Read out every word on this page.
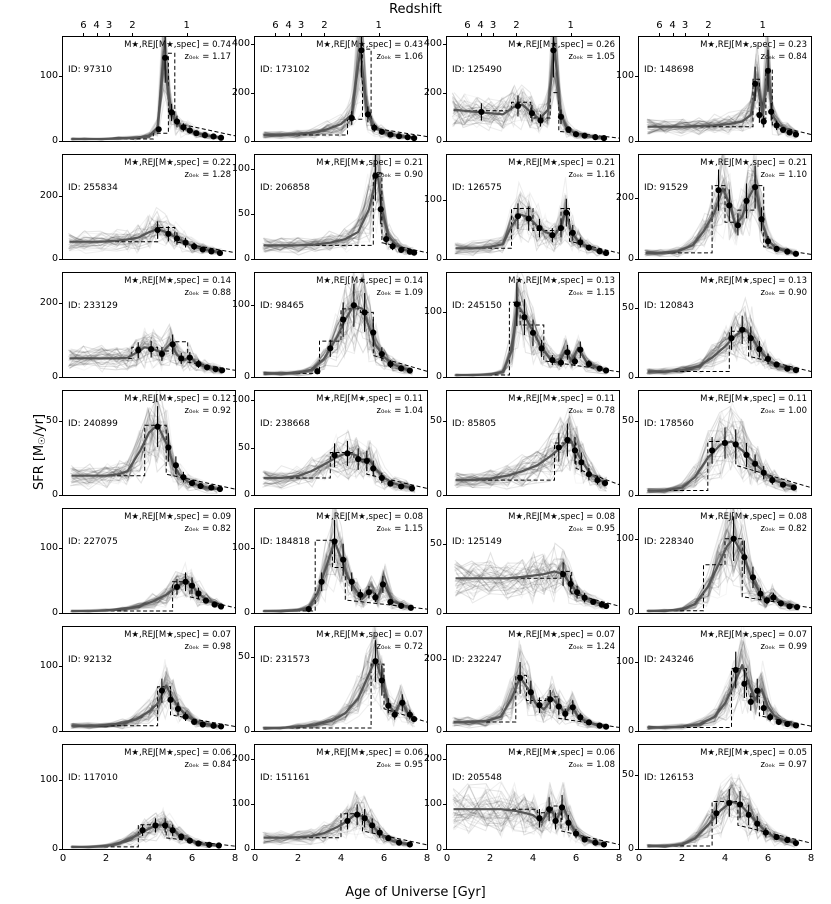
Redshift
Age of Universe [Gyr]
SFR $[M_☉/yr]$
M★,REJ[M★,spec] = 0.74
z₀ₑₖ = 1.17
ID: 97310
0
100
6 4 3	2	1
M★,REJ[M★,spec] = 0.43
z₀ₑₖ = 1.06
ID: 173102
0
200
400
6 4 3	2	1
M★,REJ[M★,spec] = 0.26
z₀ₑₖ = 1.05
ID: 125490
0
200
400
6 4 3	2	1
M★,REJ[M★,spec] = 0.23
z₀ₑₖ = 0.84
ID: 148698
0
100
6 4 3	2	1
M★,REJ[M★,spec] = 0.22
z₀ₑₖ = 1.28
ID: 255834
0
200
M★,REJ[M★,spec] = 0.21
z₀ₑₖ = 0.90
ID: 206858
0
50
100	M★,REJ[M★,spec] = 0.21
z₀ₑₖ = 1.16
ID: 126575
0
100
M★,REJ[M★,spec] = 0.21
z₀ₑₖ = 1.10
ID: 91529
0
200
M★,REJ[M★,spec] = 0.14
z₀ₑₖ = 0.88
ID: 233129
0
200
M★,REJ[M★,spec] = 0.14
z₀ₑₖ = 1.09
ID: 98465
0
100
M★,REJ[M★,spec] = 0.13
z₀ₑₖ = 1.15
ID: 245150
0
100
M★,REJ[M★,spec] = 0.13
z₀ₑₖ = 0.90
ID: 120843
0
50
M★,REJ[M★,spec] = 0.12
z₀ₑₖ = 0.92
ID: 240899
0
50
M★,REJ[M★,spec] = 0.11
z₀ₑₖ = 1.04
ID: 238668
0
50
100	M★,REJ[M★,spec] = 0.11
z₀ₑₖ = 0.78
ID: 85805
0
50
M★,REJ[M★,spec] = 0.11
z₀ₑₖ = 1.00
ID: 178560
0
50
M★,REJ[M★,spec] = 0.09
z₀ₑₖ = 0.82
ID: 227075
0
100
M★,REJ[M★,spec] = 0.08
z₀ₑₖ = 1.15
ID: 184818
0
100
M★,REJ[M★,spec] = 0.08
z₀ₑₖ = 0.95
ID: 125149
0
50
M★,REJ[M★,spec] = 0.08
z₀ₑₖ = 0.82
ID: 228340
0
100
M★,REJ[M★,spec] = 0.07
z₀ₑₖ = 0.98
ID: 92132
0
100
M★,REJ[M★,spec] = 0.07
z₀ₑₖ = 0.72
ID: 231573
0
50
M★,REJ[M★,spec] = 0.07
z₀ₑₖ = 1.24
ID: 232247
0
200
M★,REJ[M★,spec] = 0.07
z₀ₑₖ = 0.99
ID: 243246
0
100
M★,REJ[M★,spec] = 0.06
z₀ₑₖ = 0.84
ID: 117010
0
100
0	2	4	6	8
M★,REJ[M★,spec] = 0.06
z₀ₑₖ = 0.95
ID: 151161
0
100
200
0	2	4	6	8
M★,REJ[M★,spec] = 0.06
z₀ₑₖ = 1.08
ID: 205548
0
100
200
0	2	4	6	8
M★,REJ[M★,spec] = 0.05
z₀ₑₖ = 0.97
ID: 126153
0
50
0	2	4	6	8
